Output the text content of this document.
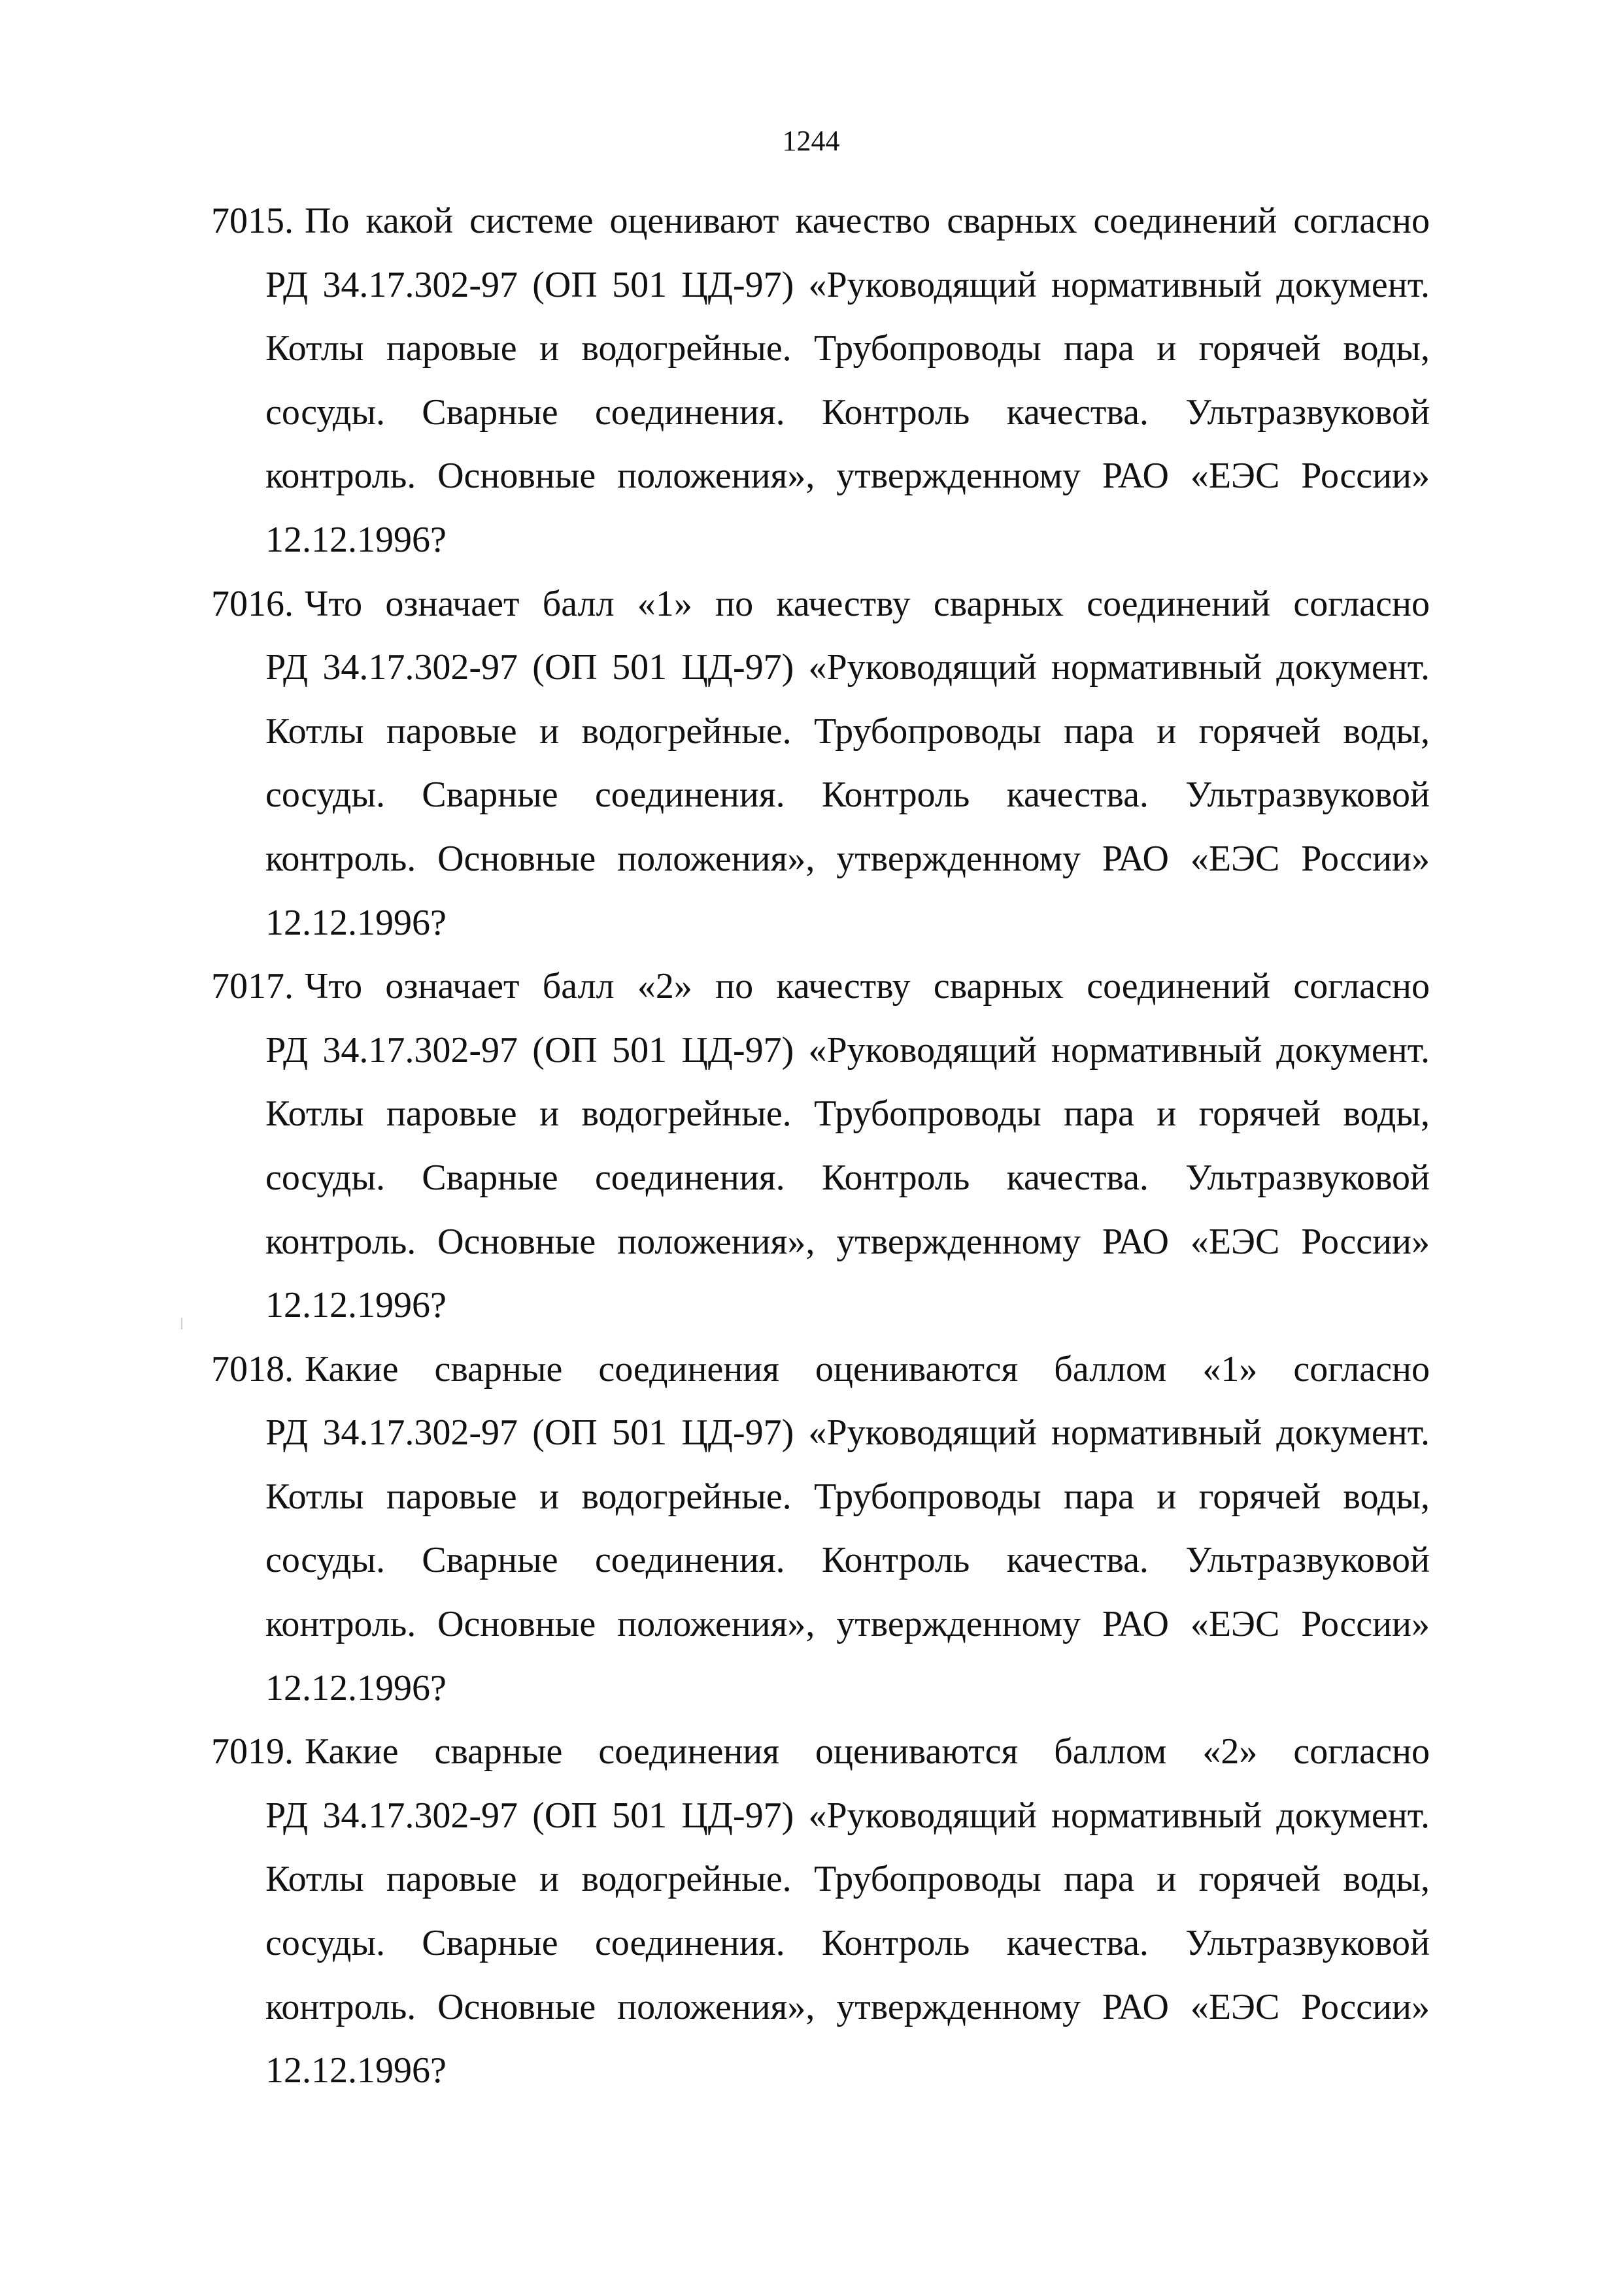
1244
7015. По какой системе оценивают качество сварных соединений согласно
РД 34.17.302-97 (ОП 501 ЦД-97) «Руководящий нормативный документ.
Котлы паровые и водогрейные. Трубопроводы пара и горячей воды,
сосуды. Сварные соединения. Контроль качества. Ультразвуковой
контроль. Основные положения», утвержденному РАО «ЕЭС России»
12.12.1996?
7016. Что означает балл «1» по качеству сварных соединений согласно
РД 34.17.302-97 (ОП 501 ЦД-97) «Руководящий нормативный документ.
Котлы паровые и водогрейные. Трубопроводы пара и горячей воды,
сосуды. Сварные соединения. Контроль качества. Ультразвуковой
контроль. Основные положения», утвержденному РАО «ЕЭС России»
12.12.1996?
7017. Что означает балл «2» по качеству сварных соединений согласно
РД 34.17.302-97 (ОП 501 ЦД-97) «Руководящий нормативный документ.
Котлы паровые и водогрейные. Трубопроводы пара и горячей воды,
сосуды. Сварные соединения. Контроль качества. Ультразвуковой
контроль. Основные положения», утвержденному РАО «ЕЭС России»
12.12.1996?
7018. Какие сварные соединения оцениваются баллом «1» согласно
РД 34.17.302-97 (ОП 501 ЦД-97) «Руководящий нормативный документ.
Котлы паровые и водогрейные. Трубопроводы пара и горячей воды,
сосуды. Сварные соединения. Контроль качества. Ультразвуковой
контроль. Основные положения», утвержденному РАО «ЕЭС России»
12.12.1996?
7019. Какие сварные соединения оцениваются баллом «2» согласно
РД 34.17.302-97 (ОП 501 ЦД-97) «Руководящий нормативный документ.
Котлы паровые и водогрейные. Трубопроводы пара и горячей воды,
сосуды. Сварные соединения. Контроль качества. Ультразвуковой
контроль. Основные положения», утвержденному РАО «ЕЭС России»
12.12.1996?
